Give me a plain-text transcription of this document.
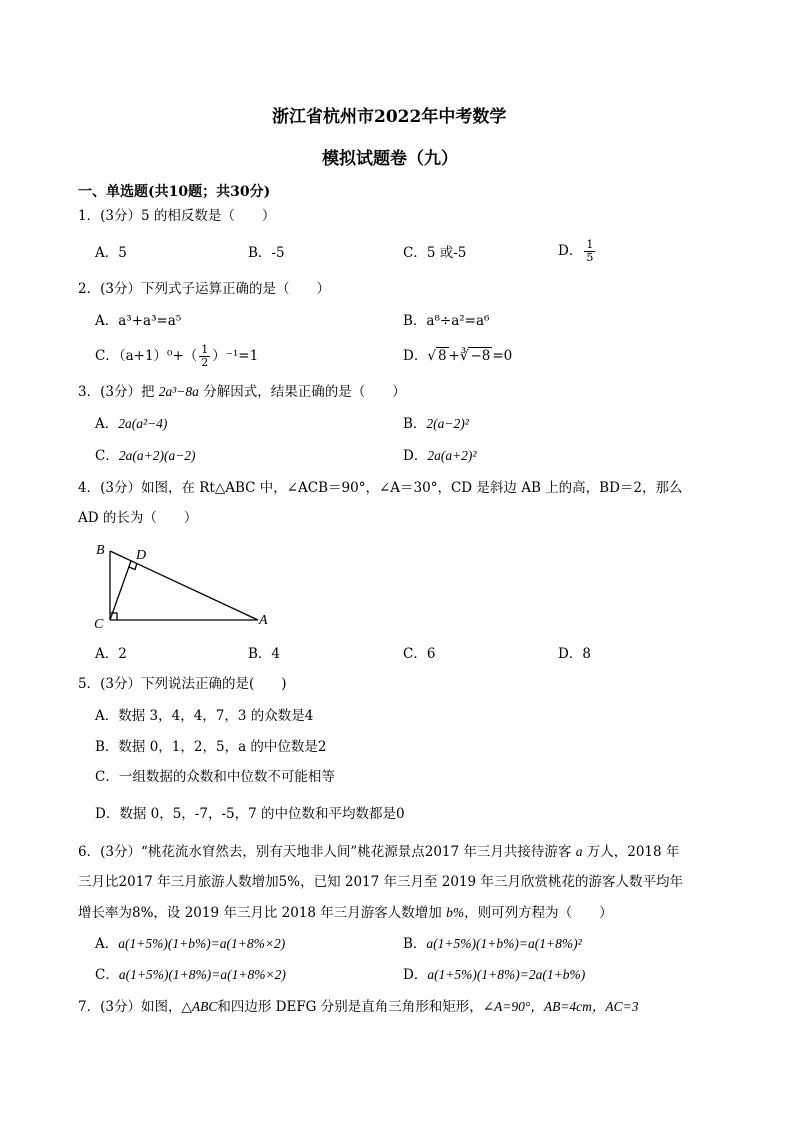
浙江省杭州市2022年中考数学
模拟试题卷（九）
一、单选题(共10题；共30分)
1．(3分）5 的相反数是（　　）
A．5	B．-5	C．5 或-5	D． $\frac{1}{5}$
2．(3分）下列式子运算正确的是（　　）
A．a³+a³=a⁵	B．a⁸÷a²=a⁶
C．$(a+1)^0+( \frac{1}{2} )^{-1}=1$	D．√ 8 +∛ −8 =0
3．(3分）把 2a³−8a 分解因式，结果正确的是（　　）
A．2a(a²−4)	B．2(a−2)²
C．2a(a+2)(a−2)	D．2a(a+2)²
4．(3分）如图，在 Rt△ABC 中，∠ACB＝90°，∠A＝30°，CD 是斜边 AB 上的高，BD＝2，那么
AD 的长为（　　）
B D
C	A
A．2	B．4	C．6	D．8
5．(3分）下列说法正确的是(　　)
A．数据 3，4，4，7，3 的众数是4
B．数据 0，1，2，5，a 的中位数是2
C．一组数据的众数和中位数不可能相等
D．数据 0，5，-7，-5，7 的中位数和平均数都是0
6．(3分）“桃花流水窅然去，别有天地非人间”桃花源景点2017 年三月共接待游客 a 万人，2018 年
三月比2017 年三月旅游人数增加5%，已知 2017 年三月至 2019 年三月欣赏桃花的游客人数平均年
增长率为8%，设 2019 年三月比 2018 年三月游客人数增加 b%，则可列方程为（　　）
A．a(1+5%)(1+b%)=a(1+8%×2)	B．a(1+5%)(1+b%)=a(1+8%)²
C．a(1+5%)(1+8%)=a(1+8%×2)	D．a(1+5%)(1+8%)=2a(1+b%)
7．(3分）如图，△ABC和四边形 DEFG 分别是直角三角形和矩形，∠A=90°，AB=4cm，AC=3
